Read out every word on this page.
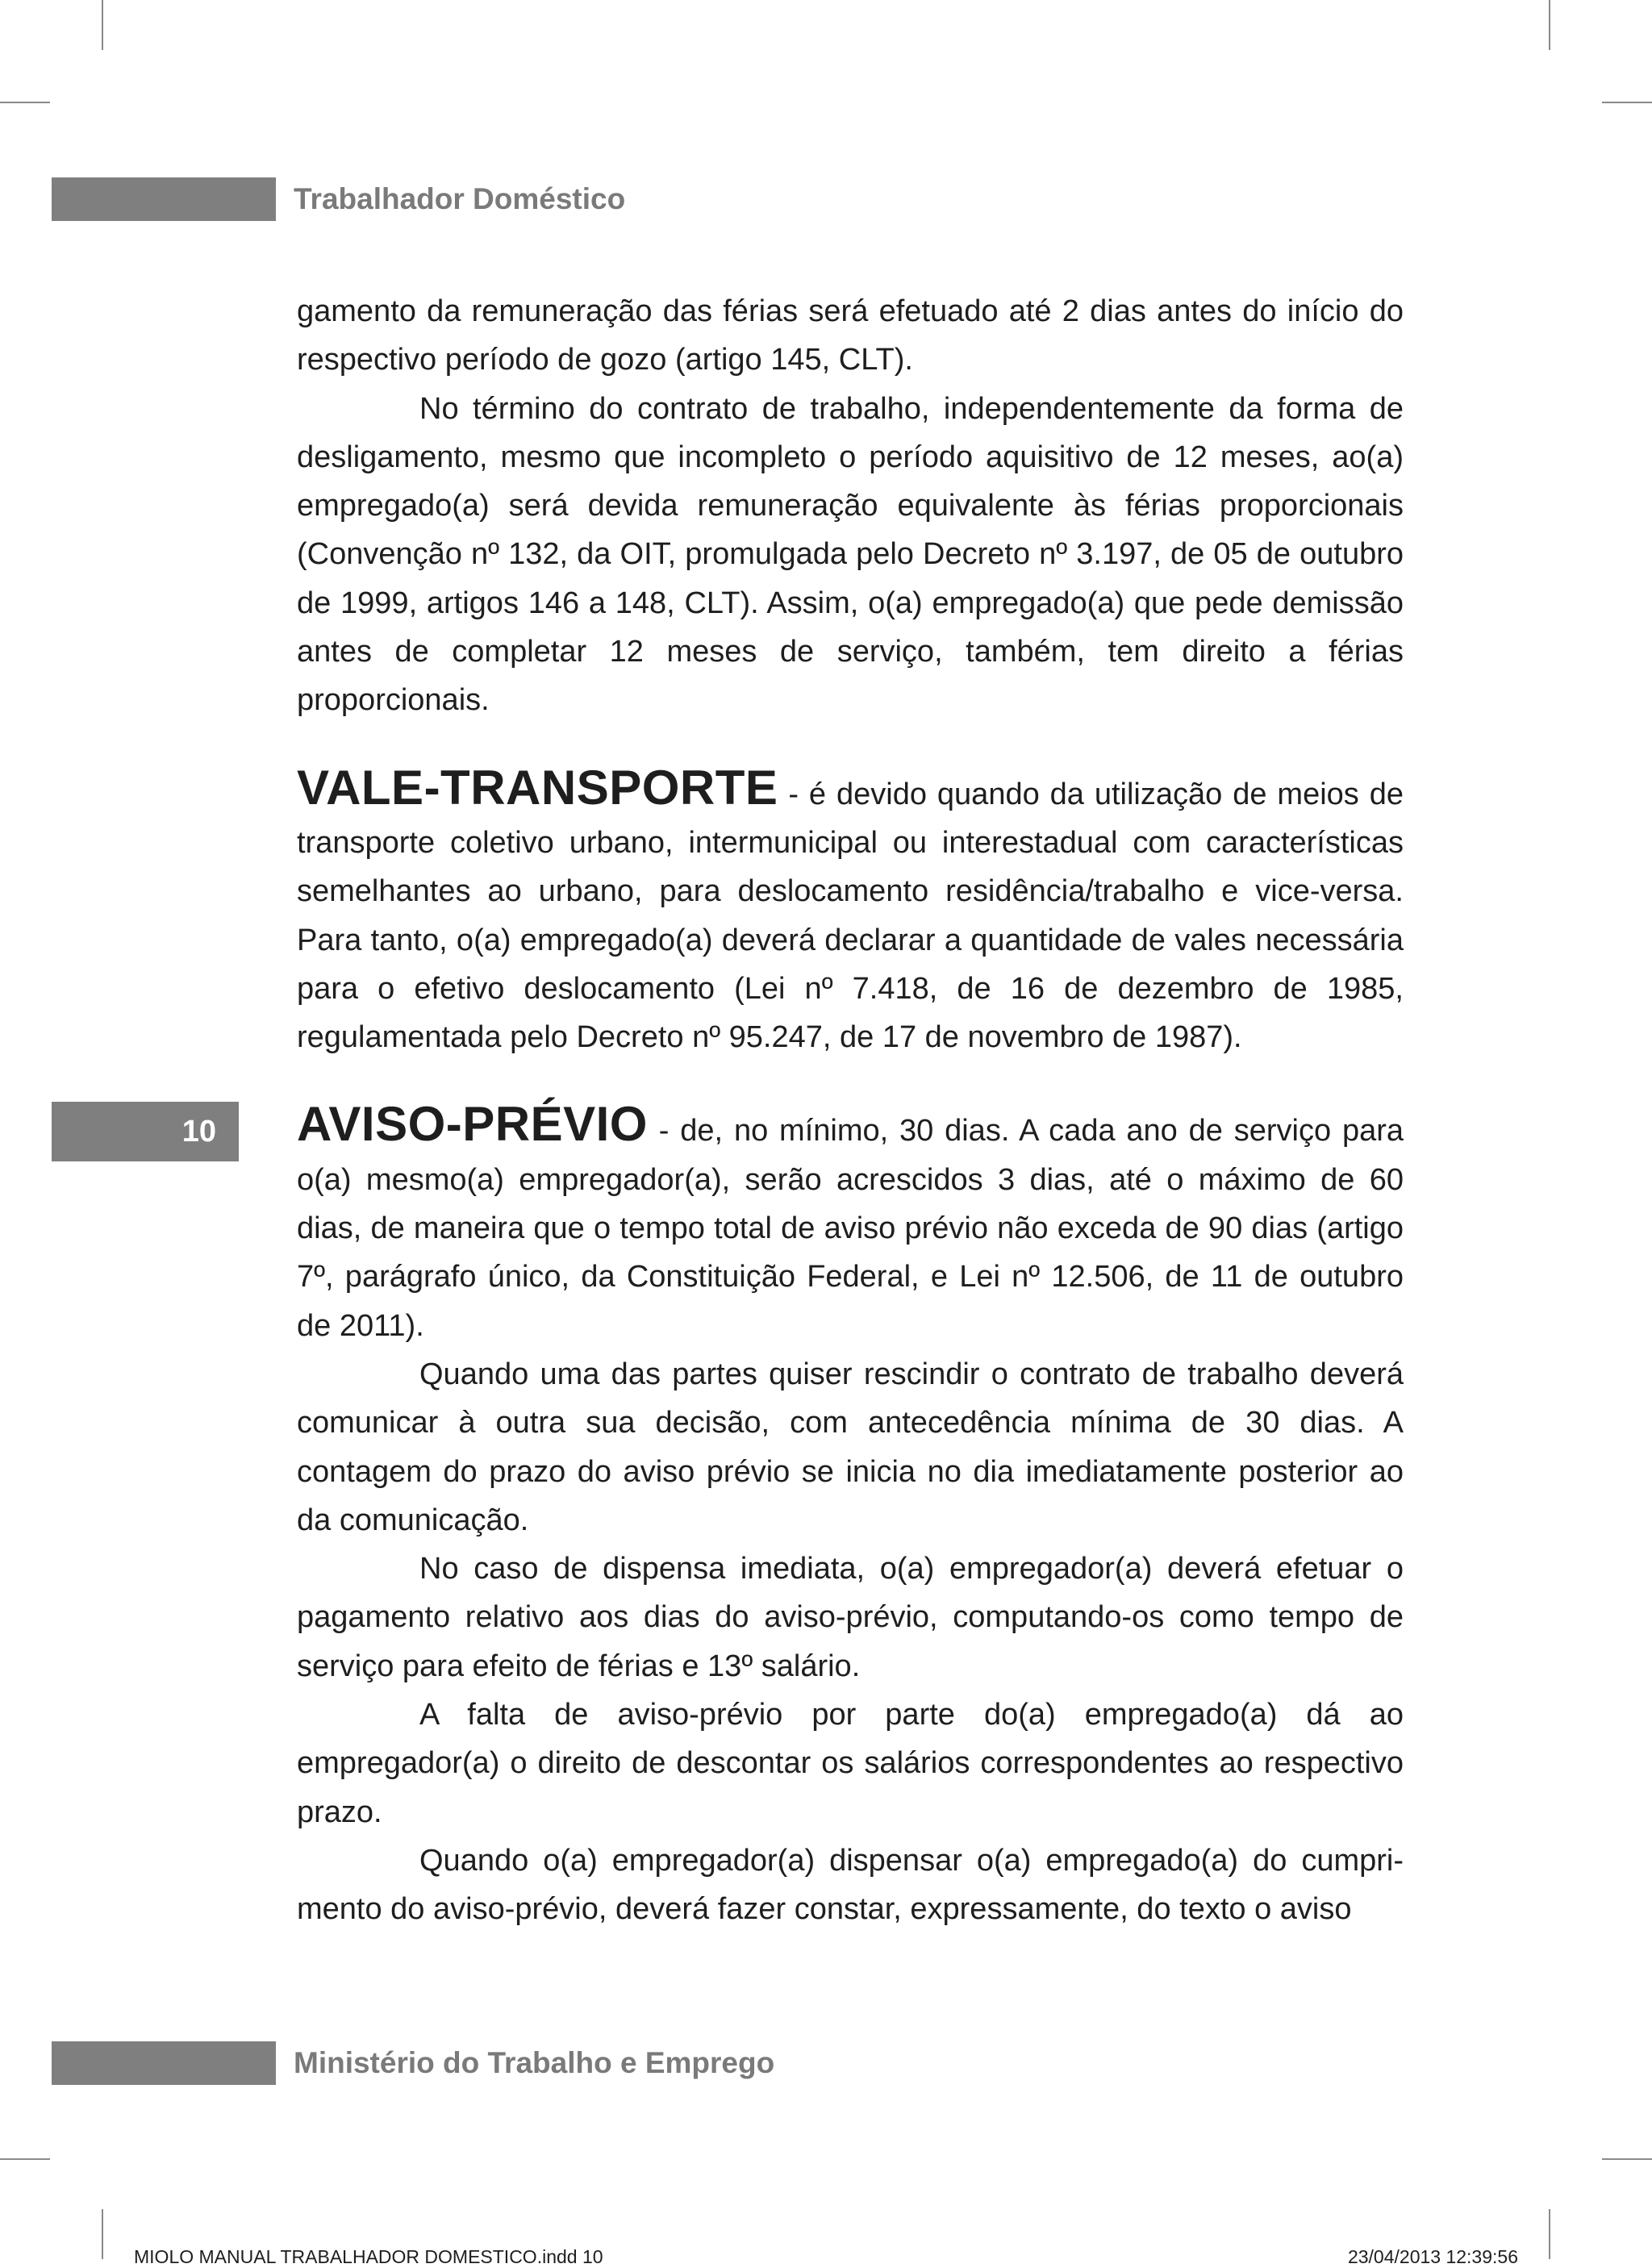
Trabalhador Doméstico
10

gamento da remuneração das férias será efetuado até 2 dias antes do início do respectivo período de gozo (artigo 145, CLT).

No término do contrato de trabalho, independentemente da forma de desligamento, mesmo que incompleto o período aquisitivo de 12 meses, ao(a) empregado(a) será devida remuneração equivalente às férias proporcionais (Convenção nº 132, da OIT, promulgada pelo Decreto nº 3.197, de 05 de outubro de 1999, artigos 146 a 148, CLT). Assim, o(a) empregado(a) que pede demissão antes de completar 12 meses de serviço, também, tem direito a férias proporcionais.

VALE-TRANSPORTE - é devido quando da utilização de meios de transporte coletivo urbano, intermunicipal ou interestadual com características semelhantes ao urbano, para deslocamento residência/trabalho e vice-versa. Para tanto, o(a) empregado(a) deverá declarar a quantidade de vales necessária para o efetivo deslocamento (Lei nº 7.418, de 16 de dezembro de 1985, regulamentada pelo Decreto nº 95.247, de 17 de novembro de 1987).

AVISO-PRÉVIO - de, no mínimo, 30 dias. A cada ano de serviço para o(a) mesmo(a) empregador(a), serão acrescidos 3 dias, até o máximo de 60 dias, de maneira que o tempo total de aviso prévio não exceda de 90 dias (artigo 7º, parágrafo único, da Constituição Federal, e Lei nº 12.506, de 11 de outubro de 2011).

Quando uma das partes quiser rescindir o contrato de trabalho deverá comunicar à outra sua decisão, com antecedência mínima de 30 dias. A contagem do prazo do aviso prévio se inicia no dia imediatamente posterior ao da comunicação.

No caso de dispensa imediata, o(a) empregador(a) deverá efetuar o pagamento relativo aos dias do aviso-prévio, computando-os como tempo de serviço para efeito de férias e 13º salário.

A falta de aviso-prévio por parte do(a) empregado(a) dá ao empregador(a) o direito de descontar os salários correspondentes ao respectivo prazo.

Quando o(a) empregador(a) dispensar o(a) empregado(a) do cumprimento do aviso-prévio, deverá fazer constar, expressamente, do texto o aviso

Ministério do Trabalho e Emprego
MIOLO MANUAL TRABALHADOR DOMESTICO.indd 10	23/04/2013 12:39:56
